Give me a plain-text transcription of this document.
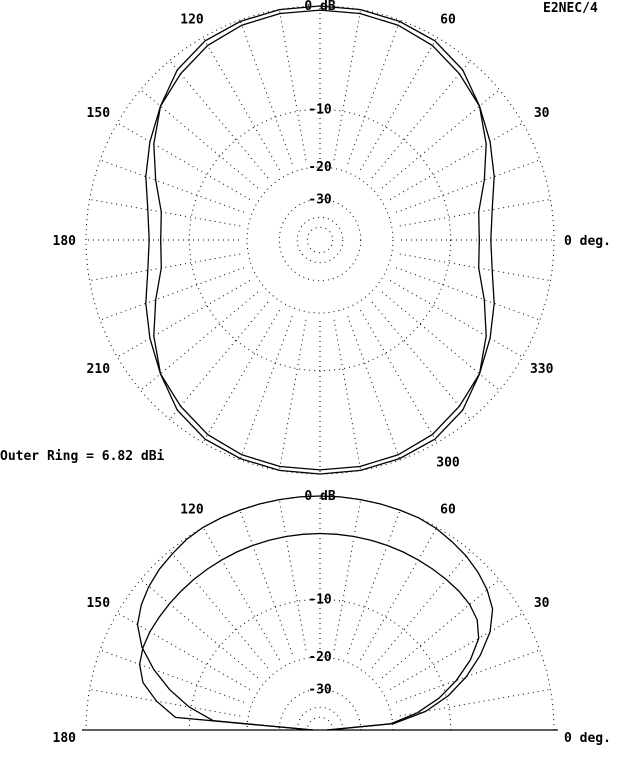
E2NEC/4
Outer Ring = 6.82 dBi
0 dB
-10
-20
-30
0 deg.
30
60
120
150
180
210
300
330
0 dB
-10
-20
-30
0 deg.
30
60
120
150
180
